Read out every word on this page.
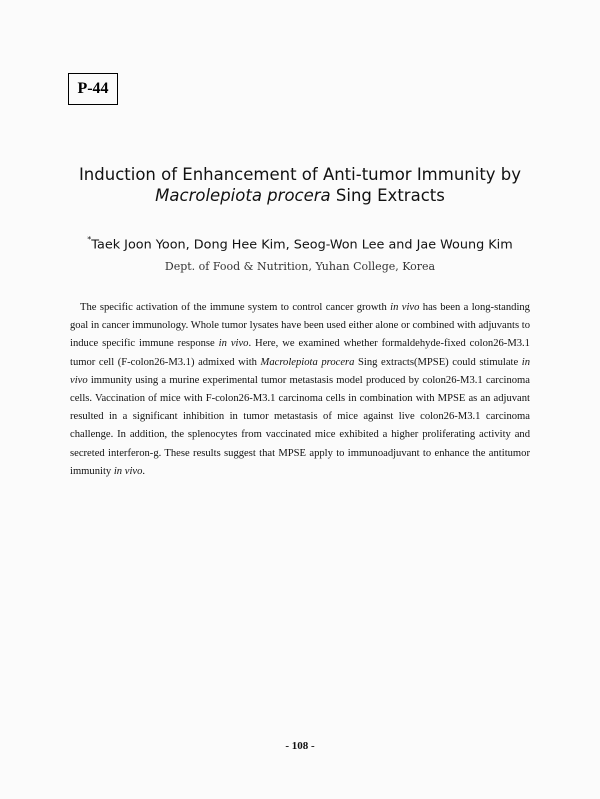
P-44
Induction of Enhancement of Anti-tumor Immunity by
Macrolepiota procera Sing Extracts
*Taek Joon Yoon, Dong Hee Kim, Seog-Won Lee and Jae Woung Kim
Dept. of Food & Nutrition, Yuhan College, Korea

The specific activation of the immune system to control cancer growth in vivo has been a long-standing goal in cancer immunology. Whole tumor lysates have been used either alone or combined with adjuvants to induce specific immune response in vivo. Here, we examined whether formaldehyde-fixed colon26-M3.1 tumor cell (F-colon26-M3.1) admixed with Macrolepiota procera Sing extracts(MPSE) could stimulate in vivo immunity using a murine experimental tumor metastasis model produced by colon26-M3.1 carcinoma cells. Vaccination of mice with F-colon26-M3.1 carcinoma cells in combination with MPSE as an adjuvant resulted in a significant inhibition in tumor metastasis of mice against live colon26-M3.1 carcinoma challenge. In addition, the splenocytes from vaccinated mice exhibited a higher proliferating activity and secreted interferon-g. These results suggest that MPSE apply to immunoadjuvant to enhance the antitumor immunity in vivo.

- 108 -
